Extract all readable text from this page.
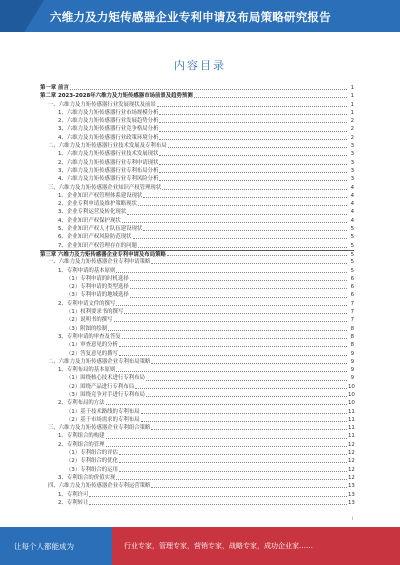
六维力及力矩传感器企业专利申请及布局策略研究报告
内容目录
第一章 前言	1
第二章 2023-2028年六维力及力矩传感器市场前景及趋势预测	1
一、六维力及力矩传感器行业发展现状及前景	1
1、六维力及力矩传感器行业市场规模分析	1
2、六维力及力矩传感器行业发展趋势分析	2
3、六维力及力矩传感器行业竞争格局分析	2
4、六维力及力矩传感器行业政策环境分析	2
二、六维力及力矩传感器行业技术发展及专利布局	3
1、六维力及力矩传感器行业技术发展现状	3
2、六维力及力矩传感器行业专利申请现状	3
3、六维力及力矩传感器行业专利布局分析	3
4、六维力及力矩传感器行业专利风险分析	3
三、六维力及力矩传感器企业知识产权管理现状	4
1、企业知识产权管理体系建设现状	4
2、企业专利申请及维护策略现状	4
3、企业专利运营及转化现状	4
4、企业知识产权保护现状	4
5、企业知识产权人才队伍建设现状	5
6、企业知识产权风险防范现状	5
7、企业知识产权管理存在的问题	5
第三章 六维力及力矩传感器企业专利申请及布局策略	5
一、六维力及力矩传感器企业专利申请策略	5
1、专利申请的基本原则	5
（1）专利申请的时机选择	6
（2）专利申请的类型选择	6
（3）专利申请的地域选择	6
2、专利申请文件的撰写	7
（1）权利要求书的撰写	7
（2）说明书的撰写	7
（3）附图的绘制	8
3、专利申请的审查及答复	8
（1）审查意见的分析	8
（2）答复意见的撰写	9
二、六维力及力矩传感器企业专利布局策略	9
1、专利布局的基本原则	9
（1）围绕核心技术进行专利布局	9
（2）围绕产品进行专利布局	10
（3）围绕竞争对手进行专利布局	10
2、专利布局的方法	10
（1）基于技术路线的专利布局	11
（2）基于市场需求的专利布局	11
三、六维力及力矩传感器企业专利组合策略	11
1、专利组合的构建	11
2、专利组合的管理	12
（1）专利组合的评估	12
（2）专利组合的优化	12
（3）专利组合的运用	12
3、专利组合的价值实现	12
四、六维力及力矩传感器企业专利运营策略	13
1、专利许可	13
2、专利转让	13
I
让每个人都能成为	行业专家，管理专家，营销专家，战略专家，成功企业家……
